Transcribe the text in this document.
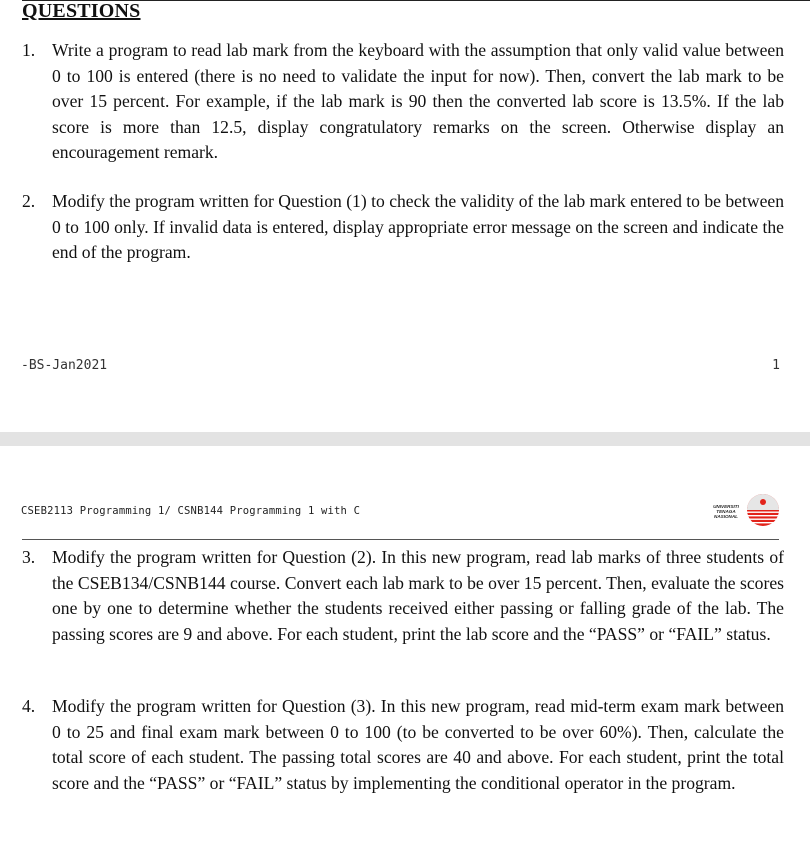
QUESTIONS
1. Write a program to read lab mark from the keyboard with the assumption that only valid value between 0 to 100 is entered (there is no need to validate the input for now). Then, convert the lab mark to be over 15 percent. For example, if the lab mark is 90 then the converted lab score is 13.5%. If the lab score is more than 12.5, display congratulatory remarks on the screen. Otherwise display an encouragement remark.
2. Modify the program written for Question (1) to check the validity of the lab mark entered to be between 0 to 100 only. If invalid data is entered, display appropriate error message on the screen and indicate the end of the program.
-BS-Jan2021	1
CSEB2113 Programming 1/ CSNB144 Programming 1 with C	UNIVERSITI
TENAGA
NASIONAL
3. Modify the program written for Question (2). In this new program, read lab marks of three students of the CSEB134/CSNB144 course. Convert each lab mark to be over 15 percent. Then, evaluate the scores one by one to determine whether the students received either passing or falling grade of the lab. The passing scores are 9 and above. For each student, print the lab score and the “PASS” or “FAIL” status.
4. Modify the program written for Question (3). In this new program, read mid-term exam mark between 0 to 25 and final exam mark between 0 to 100 (to be converted to be over 60%). Then, calculate the total score of each student. The passing total scores are 40 and above. For each student, print the total score and the “PASS” or “FAIL” status by implementing the conditional operator in the program.
